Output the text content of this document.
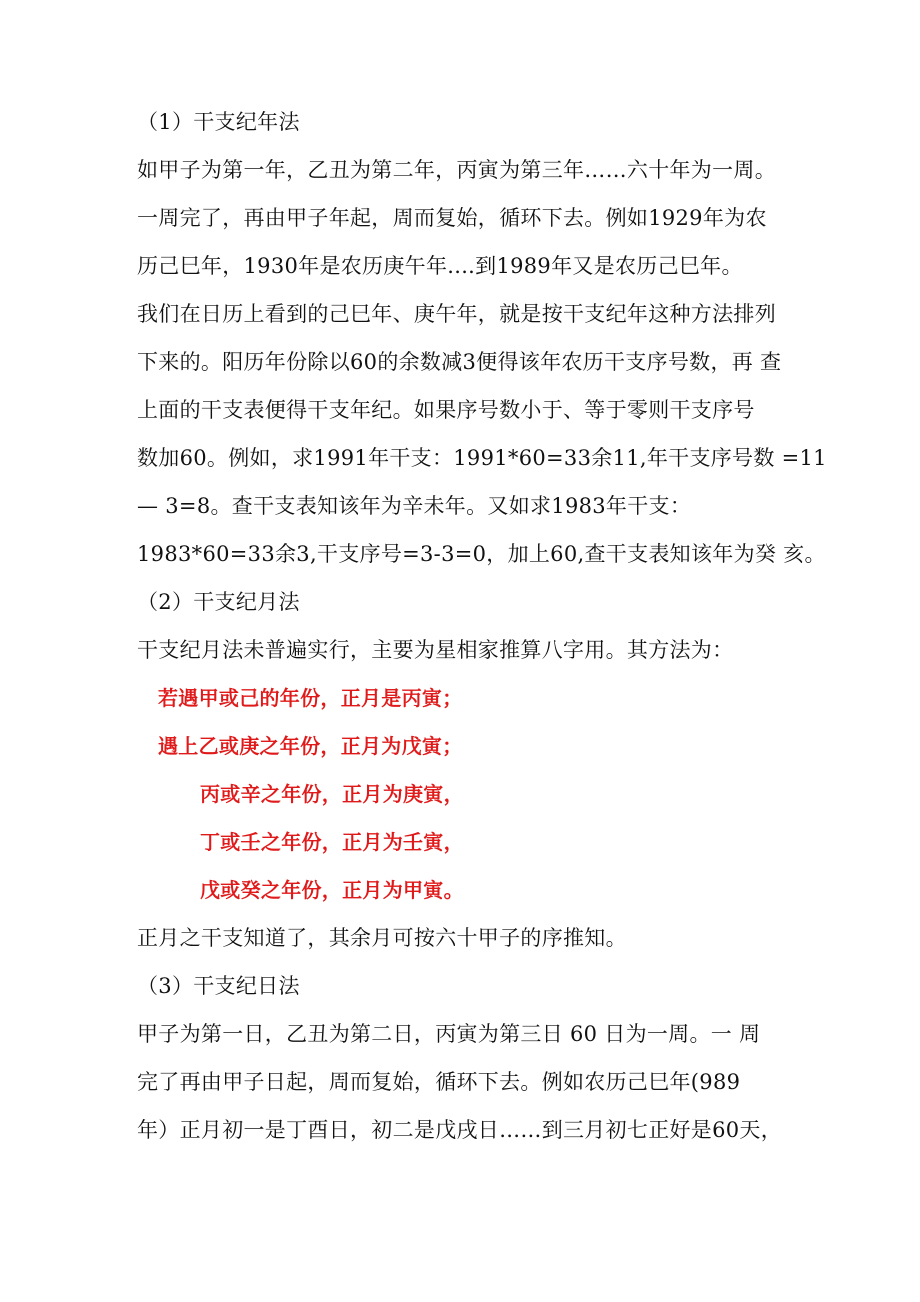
（1）干支纪年法
如甲子为第一年，乙丑为第二年，丙寅为第三年……六十年为一周。
一周完了，再由甲子年起，周而复始，循环下去。例如1929年为农
历己巳年，1930年是农历庚午年....到1989年又是农历己巳年。
我们在日历上看到的己巳年、庚午年，就是按干支纪年这种方法排列
下来的。阳历年份除以60的余数减3便得该年农历干支序号数，再 查
上面的干支表便得干支年纪。如果序号数小于、等于零则干支序号
数加60。例如，求1991年干支：1991*60=33余11,年干支序号数 =11
— 3=8。查干支表知该年为辛未年。又如求1983年干支：
1983*60=33余3,干支序号=3-3=0，加上60,查干支表知该年为癸 亥。
（2）干支纪月法
干支纪月法未普遍实行，主要为星相家推算八字用。其方法为：
若遇甲或己的年份，正月是丙寅；
遇上乙或庚之年份，正月为戊寅；
丙或辛之年份，正月为庚寅，
丁或壬之年份，正月为壬寅，
戊或癸之年份，正月为甲寅。
正月之干支知道了，其余月可按六十甲子的序推知。
（3）干支纪日法
甲子为第一日，乙丑为第二日，丙寅为第三日 60 日为一周。一 周
完了再由甲子日起，周而复始，循环下去。例如农历己巳年(989
年）正月初一是丁酉日，初二是戊戌日……到三月初七正好是60天，
